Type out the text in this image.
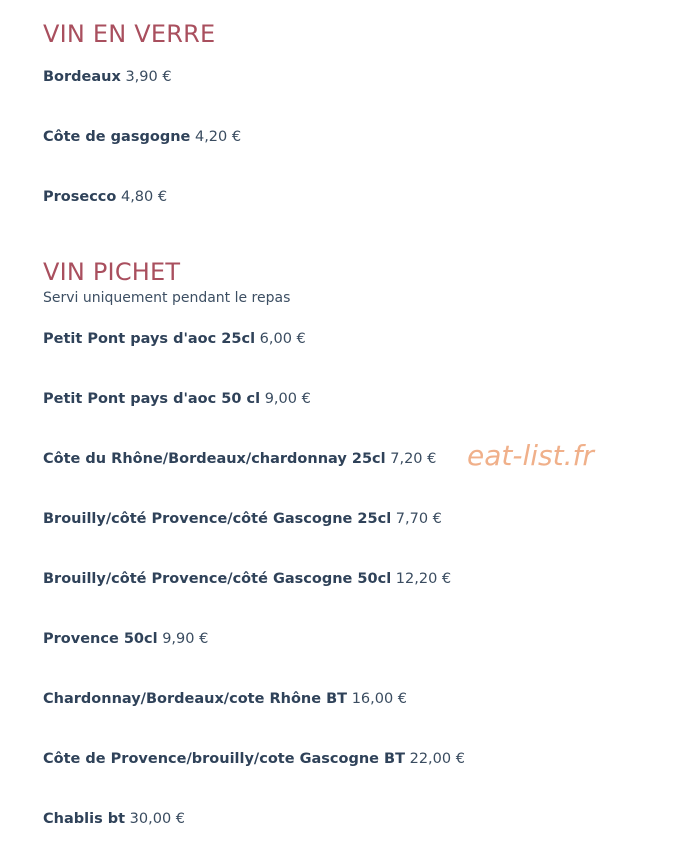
VIN EN VERRE
Bordeaux 3,90 €
Côte de gasgogne 4,20 €
Prosecco 4,80 €
VIN PICHET
Servi uniquement pendant le repas
Petit Pont pays d'aoc 25cl 6,00 €
Petit Pont pays d'aoc 50 cl 9,00 €
Côte du Rhône/Bordeaux/chardonnay 25cl 7,20 €
Brouilly/côté Provence/côté Gascogne 25cl 7,70 €
Brouilly/côté Provence/côté Gascogne 50cl 12,20 €
Provence 50cl 9,90 €
Chardonnay/Bordeaux/cote Rhône BT 16,00 €
Côte de Provence/brouilly/cote Gascogne BT 22,00 €
Chablis bt 30,00 €
eat-list.fr
